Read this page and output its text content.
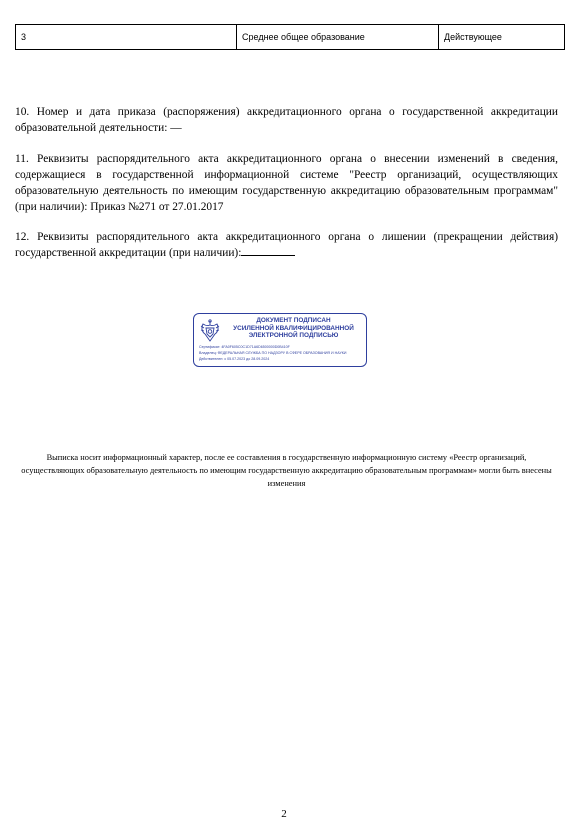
3	Среднее общее образование	Действующее

10. Номер и дата приказа (распоряжения) аккредитационного органа о государственной аккредитации образовательной деятельности: —

11. Реквизиты распорядительного акта аккредитационного органа о внесении изменений в сведения, содержащиеся в государственной информационной системе "Реестр организаций, осуществляющих образовательную деятельность по имеющим государственную аккредитацию образовательным программам" (при наличии): Приказ №271 от 27.01.2017

12. Реквизиты распорядительного акта аккредитационного органа о лишении (прекращении действия) государственной аккредитации (при наличии):

ДОКУМЕНТ ПОДПИСАН
УСИЛЕННОЙ КВАЛИФИЦИРОВАННОЙ
ЭЛЕКТРОННОЙ ПОДПИСЬЮ

Сертификат: 4FA0F605C0C1D71A6D6500000D0B410F

Владелец: ФЕДЕРАЛЬНАЯ СЛУЖБА ПО НАДЗОРУ В СФЕРЕ ОБРАЗОВАНИЯ И НАУКИ

Действителен: с 05.07.2023 до 28.09.2024

Выписка носит информационный характер, после ее составления в государственную информационную систему «Реестр организаций, осуществляющих образовательную деятельность по имеющим государственную аккредитацию образовательным программам» могли быть внесены изменения

2
